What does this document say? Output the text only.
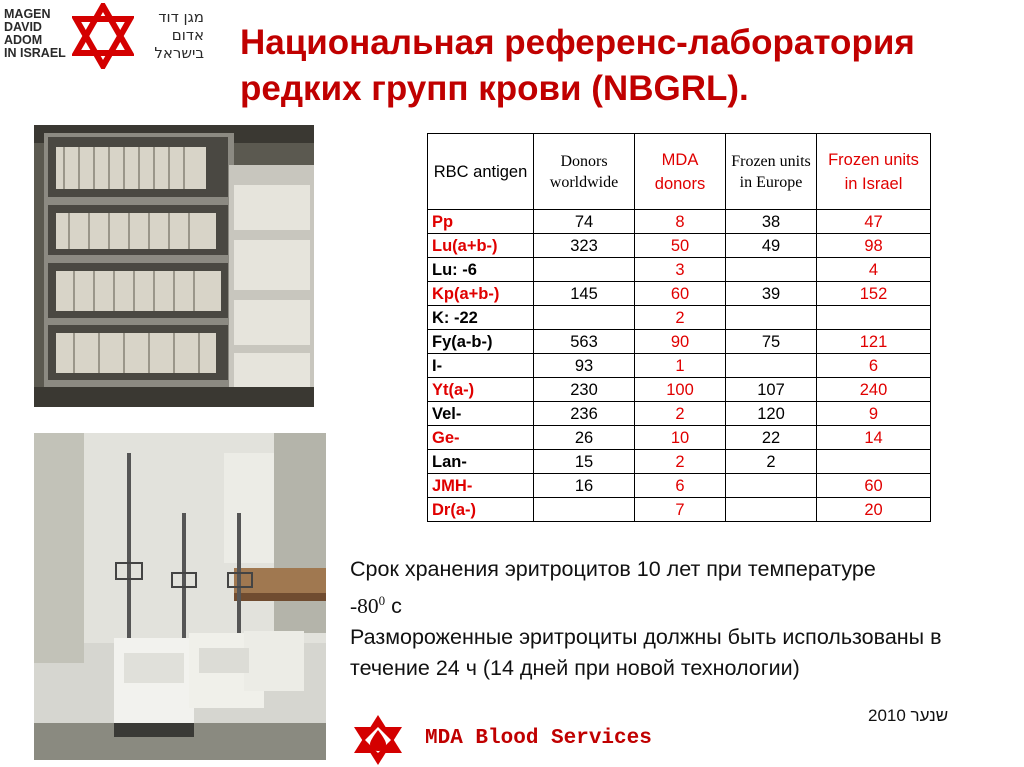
MAGEN
DAVID
ADOM
IN ISRAEL
מגן דוד
אדום
בישראל Национальная референс-лаборатория редких групп крови (NBGRL).
RBC antigen	Donors worldwide	MDA donors	Frozen units in Europe	Frozen units in Israel
Pp	74	8	38	47
Lu(a+b-)	323	50	49	98
Lu: -6		3		4
Kp(a+b-)	145	60	39	152
K: -22		2		
Fy(a-b-)	563	90	75	121
I-	93	1		6
Yt(a-)	230	100	107	240
Vel-	236	2	120	9
Ge-	26	10	22	14
Lan-	15	2	2	
JMH-	16	6		60
Dr(a-)		7		20
Срок хранения эритроцитов 10 лет при температуре
$-80^0$ с
Размороженные эритроциты должны быть использованы в течение 24 ч (14 дней при новой технологии)
2010 שנער
MDA Blood Services
